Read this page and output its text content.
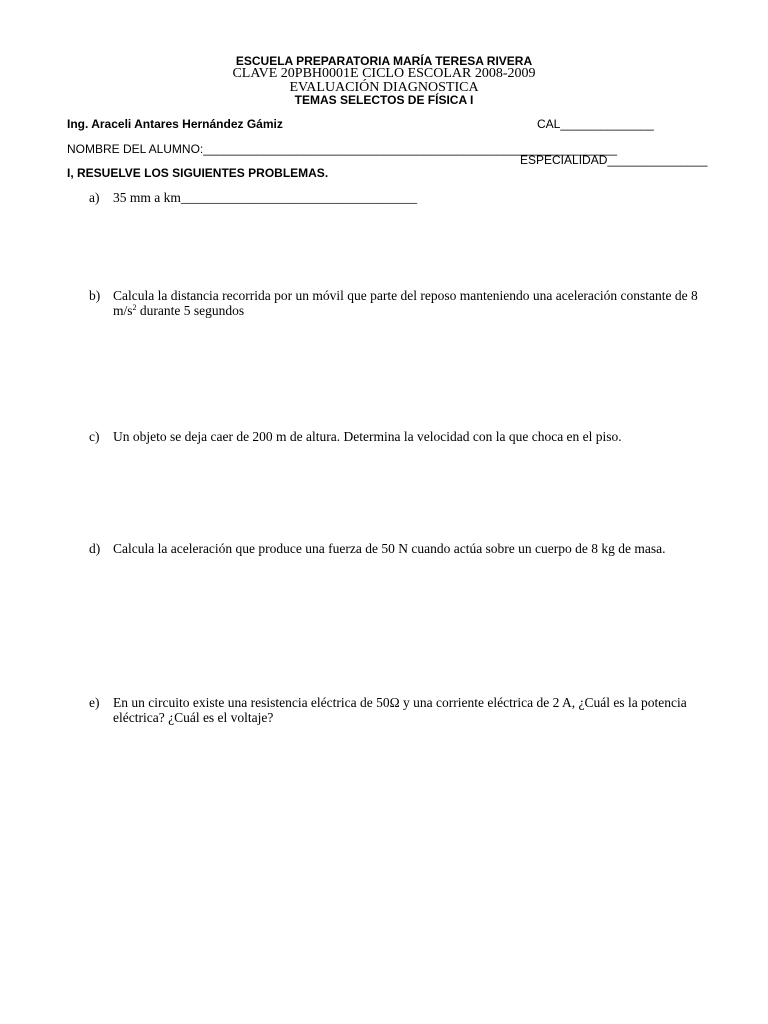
ESCUELA PREPARATORIA MARÍA TERESA RIVERA
CLAVE 20PBH0001E CICLO ESCOLAR 2008-2009
EVALUACIÓN DIAGNOSTICA
TEMAS SELECTOS DE FÍSICA I
Ing. Araceli Antares Hernández Gámiz	CAL______________
NOMBRE DEL ALUMNO:______________________________________________________________
ESPECIALIDAD_______________
I, RESUELVE LOS SIGUIENTES PROBLEMAS.
a) 35 mm a km___________________________________
b) Calcula la distancia recorrida por un móvil que parte del reposo manteniendo una aceleración constante de 8 $m/s^2$ durante 5 segundos
c) Un objeto se deja caer de 200 m de altura. Determina la velocidad con la que choca en el piso.
d) Calcula la aceleración que produce una fuerza de 50 N cuando actúa sobre un cuerpo de 8 kg de masa.
e) En un circuito existe una resistencia eléctrica de 50Ω y una corriente eléctrica de 2 A, ¿Cuál es la potencia eléctrica? ¿Cuál es el voltaje?
